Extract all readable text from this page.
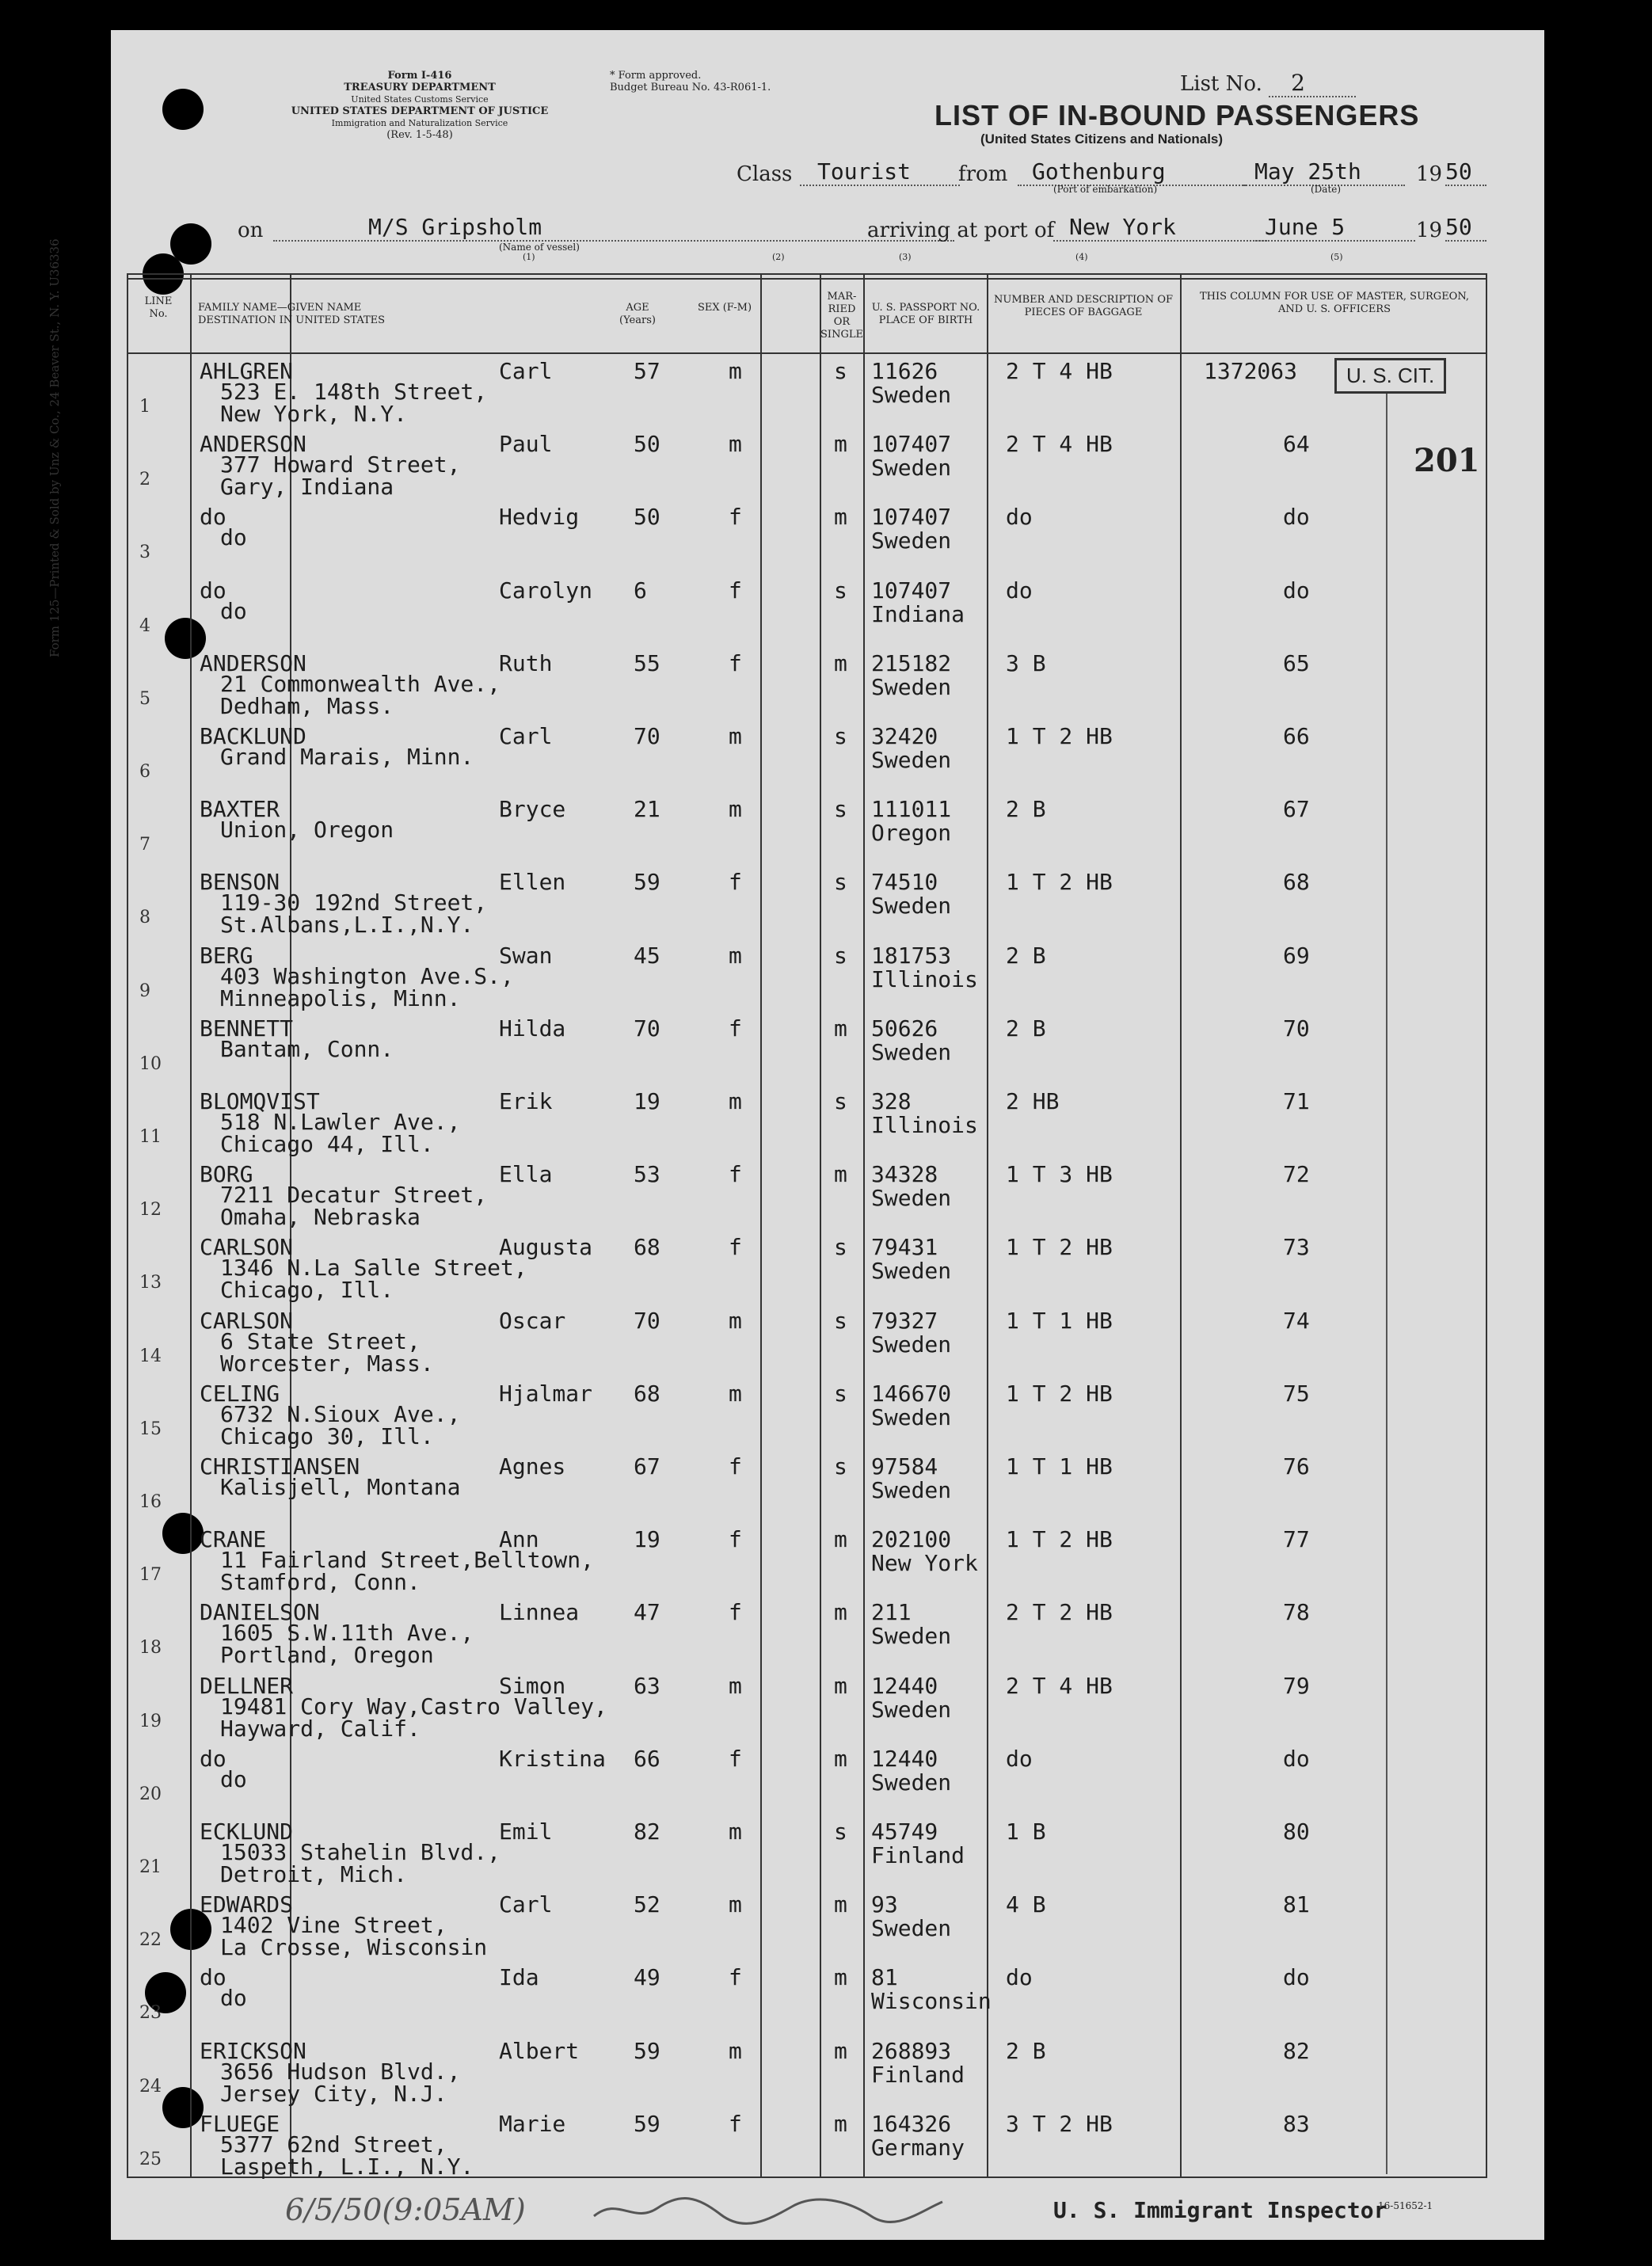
Form 125—Printed & Sold by Unz & Co., 24 Beaver St., N. Y. U36336
Form I-416
TREASURY DEPARTMENT
United States Customs Service
UNITED STATES DEPARTMENT OF JUSTICE
Immigration and Naturalization Service
(Rev. 1-5-48)
* Form approved.
Budget Bureau No. 43-R061-1.	List No. 2
LIST OF IN-BOUND PASSENGERS
(United States Citizens and Nationals)
Class	Tourist	from	Gothenburg
(Port of embarkation)
May 25th
(Date)
19 50
on	M/S Gripsholm
(Name of vessel)
(1)
arriving at port of New York	June 5	19 50
(2)	(3)	(4)	(5)
LINE No.
FAMILY NAME—GIVEN NAME DESTINATION IN UNITED STATES
AGE (Years)
SEX (F-M)
MAR-RIED OR SINGLE
U. S. PASSPORT NO. PLACE OF BIRTH
NUMBER AND DESCRIPTION OF PIECES OF BAGGAGE
THIS COLUMN FOR USE OF MASTER, SURGEON, AND U. S. OFFICERS
1
AHLGREN	Carl
523 E. 148th Street,
New York, N.Y.
57	m	s 11626
Sweden
2 T 4 HB	1372063
2
ANDERSON	Paul
377 Howard Street,
Gary, Indiana
50	m	m 107407
Sweden
2 T 4 HB	64
3
do	Hedvig
do
50	f	m 107407
Sweden
do	do
4
do	Carolyn
do
6	f	s 107407
Indiana
do	do
5
ANDERSON	Ruth
21 Commonwealth Ave.,
Dedham, Mass.
55	f	m 215182
Sweden
3 B	65
6
BACKLUND	Carl
Grand Marais, Minn.
70	m	s 32420
Sweden
1 T 2 HB	66
7
BAXTER	Bryce
Union, Oregon
21	m	s 111011
Oregon
2 B	67
8
BENSON	Ellen
119-30 192nd Street,
St.Albans,L.I.,N.Y.
59	f	s 74510
Sweden
1 T 2 HB	68
9
BERG	Swan
403 Washington Ave.S.,
Minneapolis, Minn.
45	m	s 181753
Illinois
2 B	69
10
BENNETT	Hilda
Bantam, Conn.
70	f	m 50626
Sweden
2 B	70
11
BLOMQVIST	Erik
518 N.Lawler Ave.,
Chicago 44, Ill.
19	m	s 328
Illinois
2 HB	71
12
BORG	Ella
7211 Decatur Street,
Omaha, Nebraska
53	f	m 34328
Sweden
1 T 3 HB	72
13
CARLSON	Augusta
1346 N.La Salle Street,
Chicago, Ill.
68	f	s 79431
Sweden
1 T 2 HB	73
14
CARLSON	Oscar
6 State Street,
Worcester, Mass.
70	m	s 79327
Sweden
1 T 1 HB	74
15
CELING	Hjalmar
6732 N.Sioux Ave.,
Chicago 30, Ill.
68	m	s 146670
Sweden
1 T 2 HB	75
16
CHRISTIANSEN	Agnes
Kalisjell, Montana
67	f	s 97584
Sweden
1 T 1 HB	76
17
CRANE	Ann
11 Fairland Street,Belltown,
Stamford, Conn.
19	f	m 202100
New York
1 T 2 HB	77
18
DANIELSON	Linnea
1605 S.W.11th Ave.,
Portland, Oregon
47	f	m 211
Sweden
2 T 2 HB	78
19
DELLNER	Simon
19481 Cory Way,Castro Valley,
Hayward, Calif.
63	m	m 12440
Sweden
2 T 4 HB	79
20
do	Kristina
do
66	f	m 12440
Sweden
do	do
21
ECKLUND	Emil
15033 Stahelin Blvd.,
Detroit, Mich.
82	m	s 45749
Finland
1 B	80
22
EDWARDS	Carl
1402 Vine Street,
La Crosse, Wisconsin
52	m	m 93
Sweden
4 B	81
23
do	Ida
do
49	f	m 81
Wisconsin
do	do
24
ERICKSON	Albert
3656 Hudson Blvd.,
Jersey City, N.J.
59	m	m 268893
Finland
2 B	82
25
FLUEGE	Marie
5377 62nd Street,
Laspeth, L.I., N.Y.
59	f	m 164326
Germany
3 T 2 HB	83
U. S. CIT.
201
6/5/50(9:05AM)	U. S. Immigrant Inspector
16-51652-1
